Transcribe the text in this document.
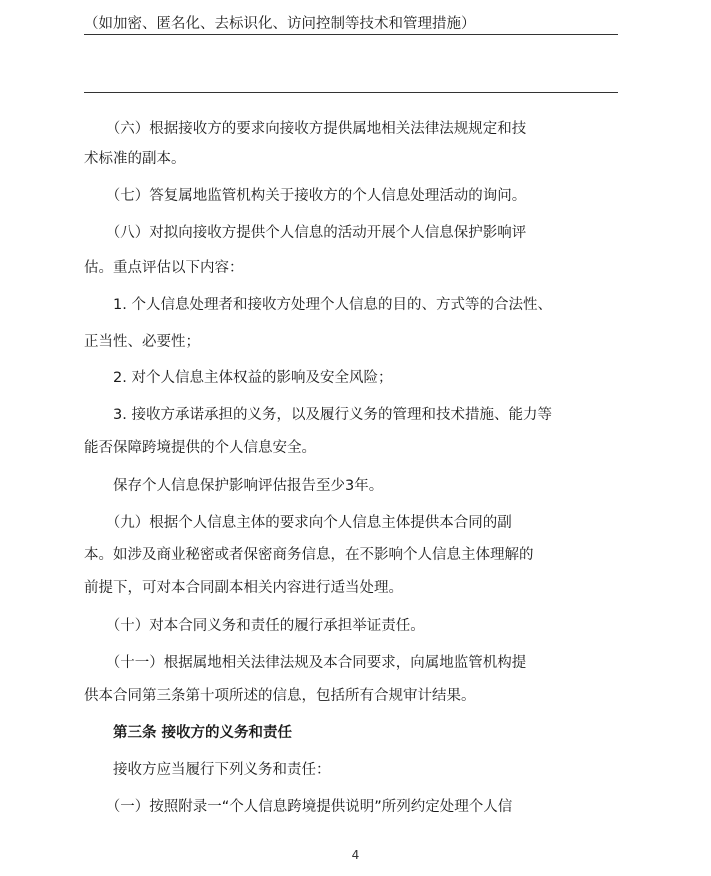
（如加密、匿名化、去标识化、访问控制等技术和管理措施）
　　（六）根据接收方的要求向接收方提供属地相关法律法规规定和技
术标准的副本。
　　（七）答复属地监管机构关于接收方的个人信息处理活动的询问。
　　（八）对拟向接收方提供个人信息的活动开展个人信息保护影响评
估。重点评估以下内容：
　　1. 个人信息处理者和接收方处理个人信息的目的、方式等的合法性、
正当性、必要性；
　　2. 对个人信息主体权益的影响及安全风险；
　　3. 接收方承诺承担的义务，以及履行义务的管理和技术措施、能力等
能否保障跨境提供的个人信息安全。
　　保存个人信息保护影响评估报告至少3年。
　　（九）根据个人信息主体的要求向个人信息主体提供本合同的副
本。如涉及商业秘密或者保密商务信息，在不影响个人信息主体理解的
前提下，可对本合同副本相关内容进行适当处理。
　　（十）对本合同义务和责任的履行承担举证责任。
　　（十一）根据属地相关法律法规及本合同要求，向属地监管机构提
供本合同第三条第十项所述的信息，包括所有合规审计结果。
　　第三条 接收方的义务和责任
　　接收方应当履行下列义务和责任：
　　（一）按照附录一“个人信息跨境提供说明”所列约定处理个人信
4
